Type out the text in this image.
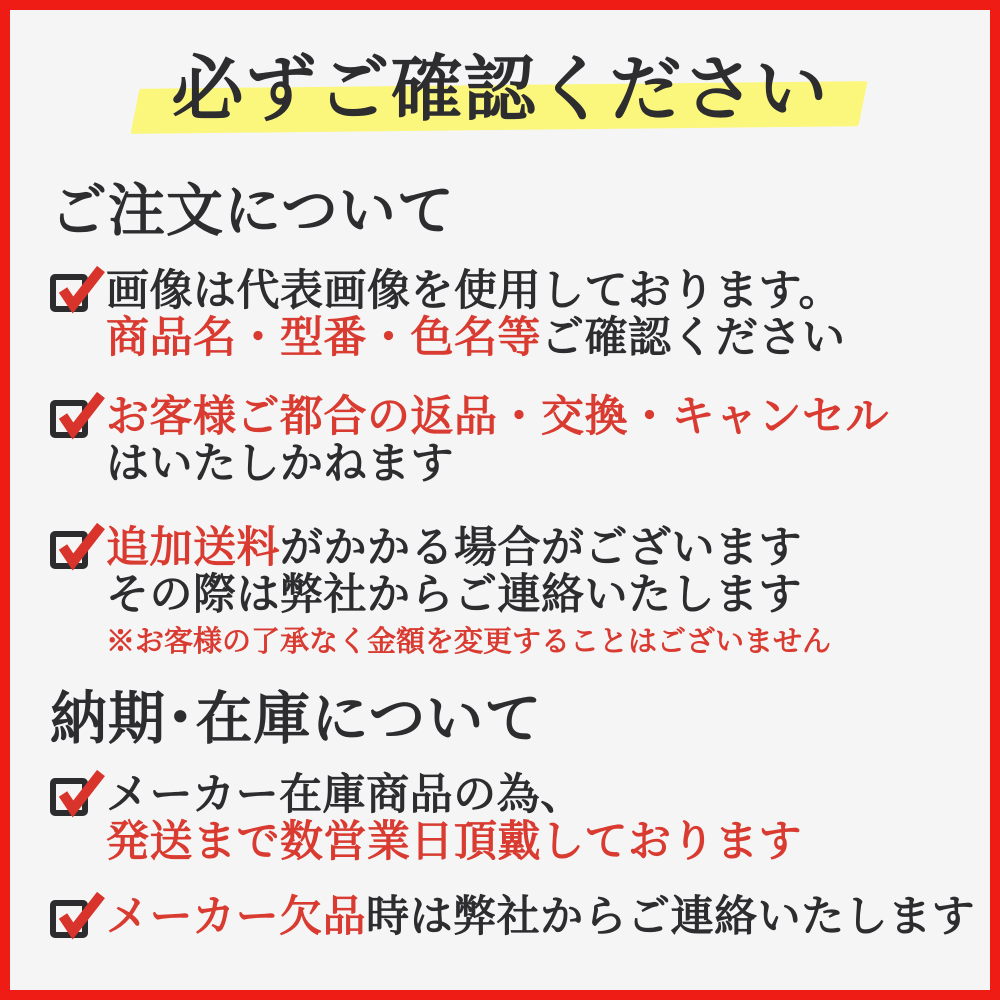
必ずご確認ください
ご注文について
画像は代表画像を使用しております。
商品名・型番・色名等ご確認ください
お客様ご都合の返品・交換・キャンセル
はいたしかねます
追加送料がかかる場合がございます
その際は弊社からご連絡いたします
※お客様の了承なく金額を変更することはございません
納期･在庫について
メーカー在庫商品の為、
発送まで数営業日頂戴しております
メーカー欠品時は弊社からご連絡いたします
